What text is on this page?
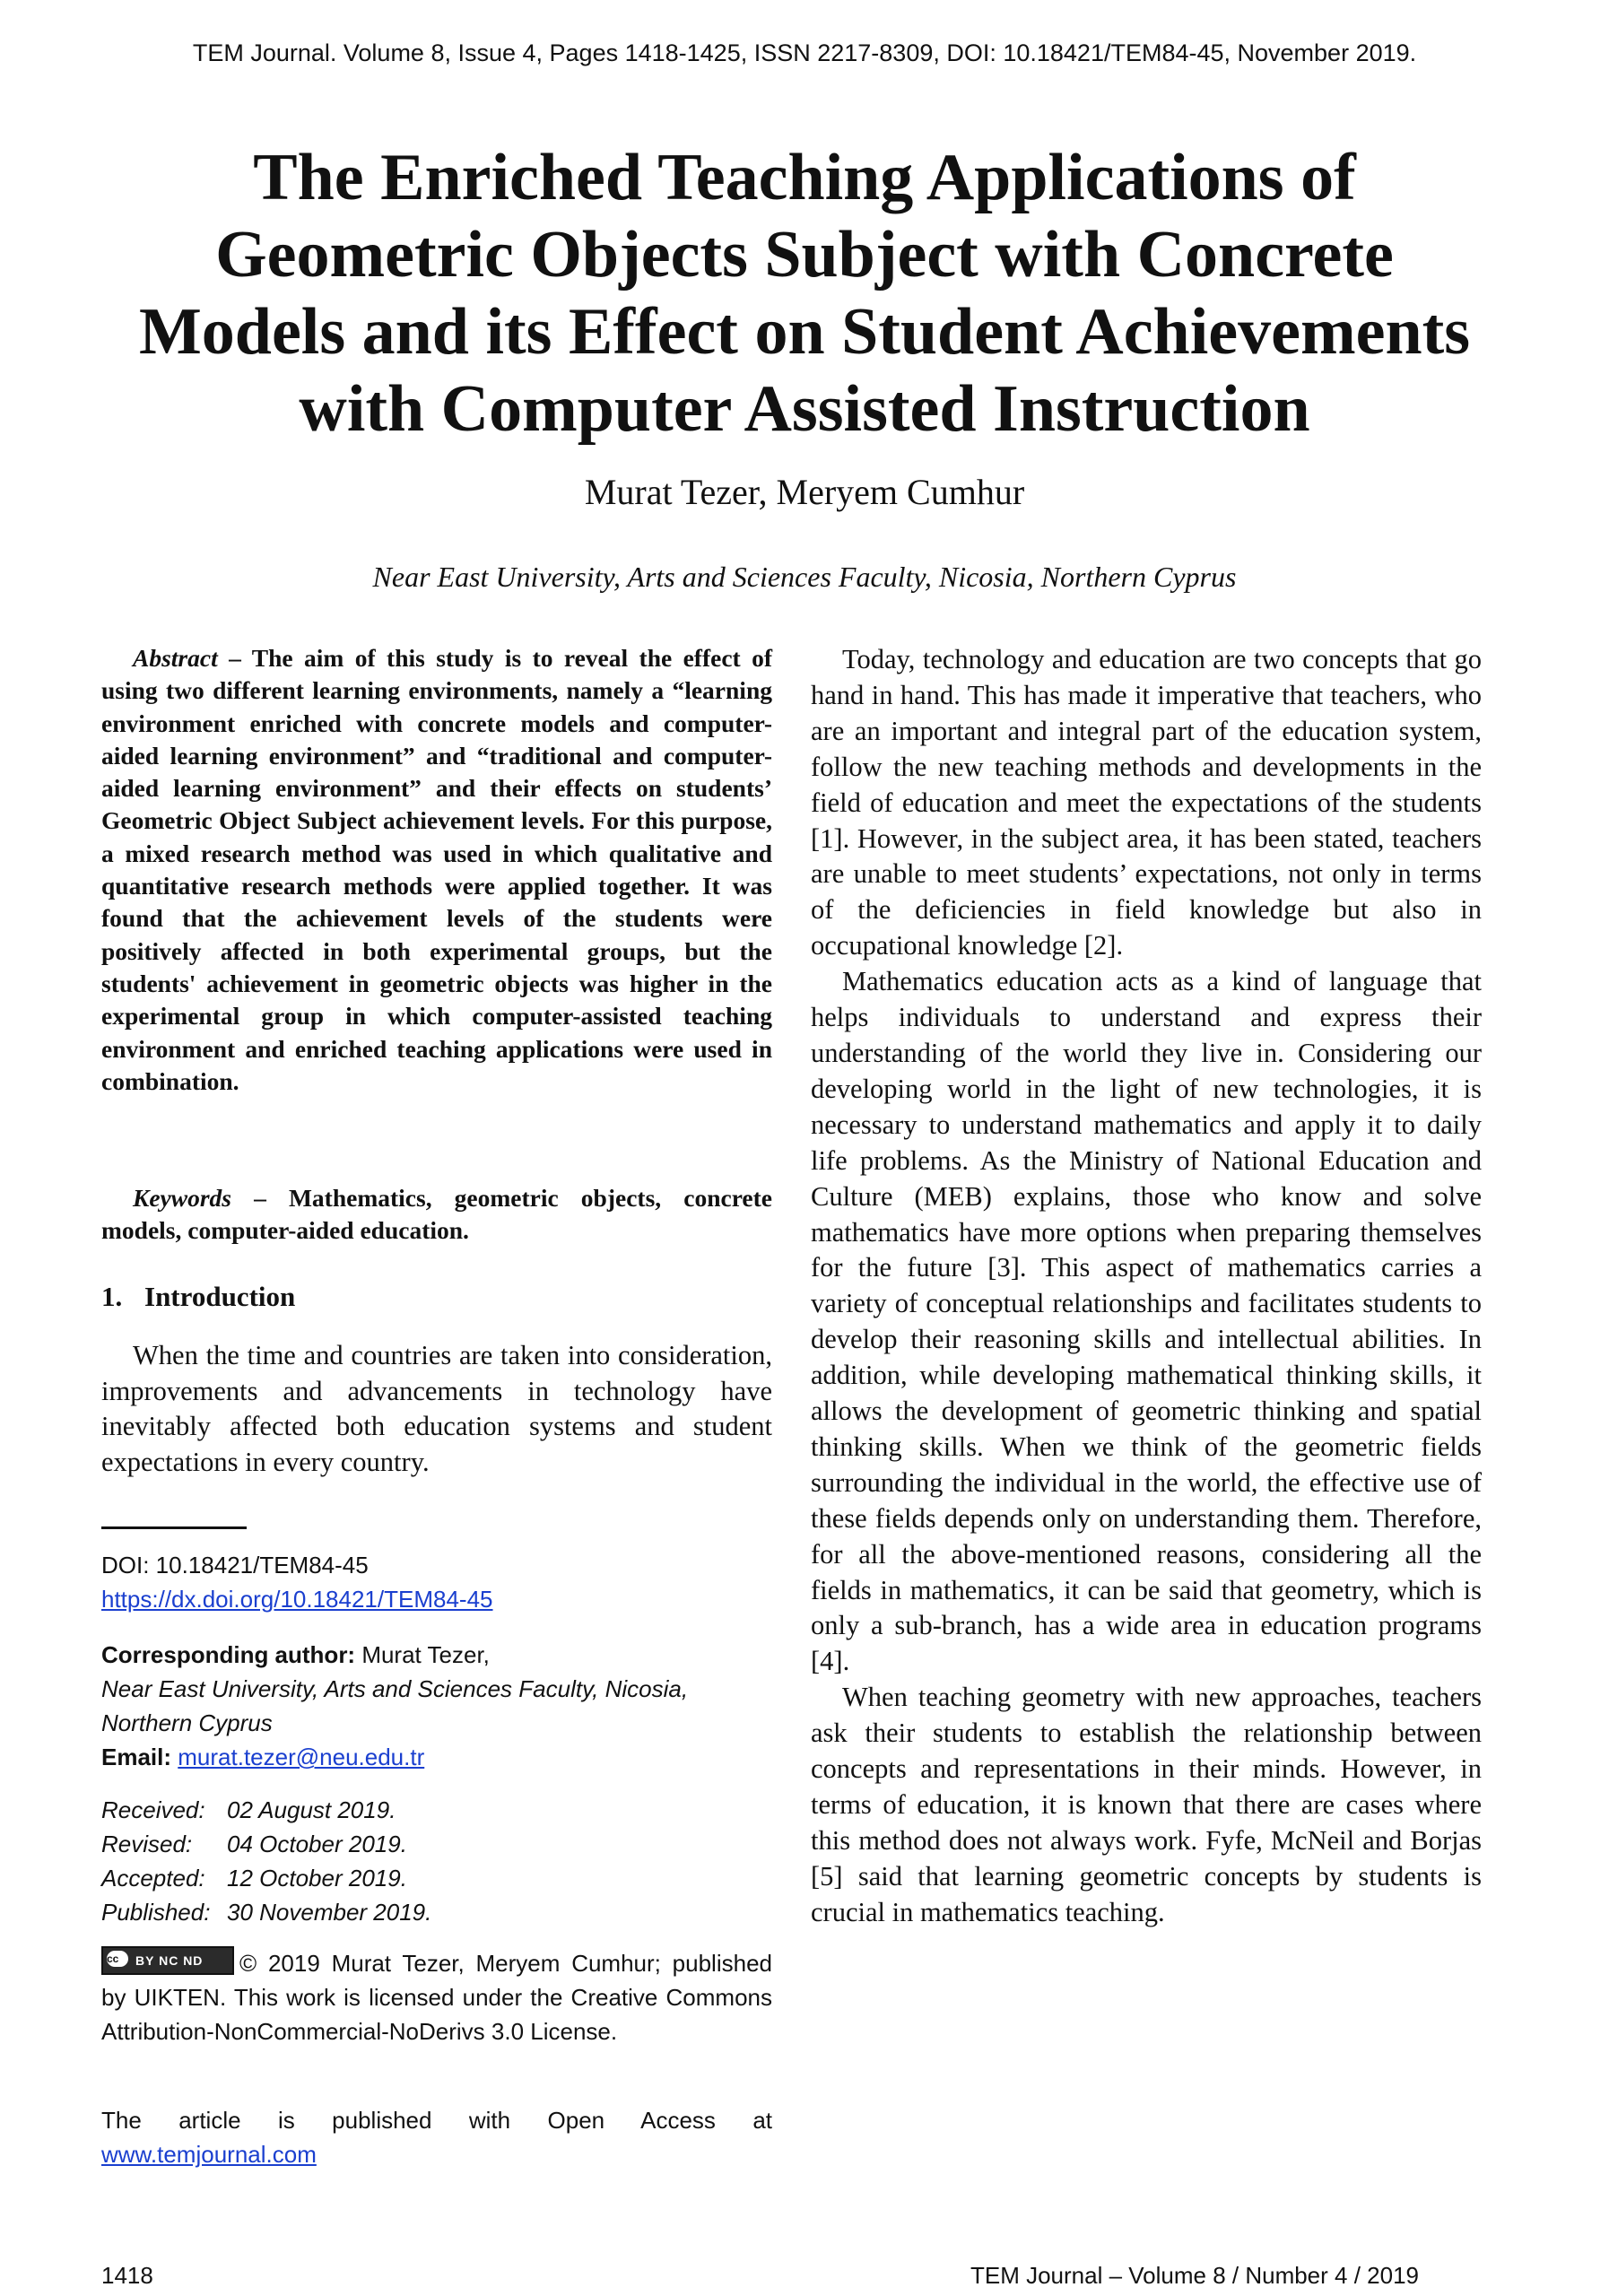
TEM Journal. Volume 8, Issue 4, Pages 1418-1425, ISSN 2217-8309, DOI: 10.18421/TEM84-45, November 2019.
The Enriched Teaching Applications of
Geometric Objects Subject with Concrete
Models and its Effect on Student Achievements
with Computer Assisted Instruction
Murat Tezer, Meryem Cumhur
Near East University, Arts and Sciences Faculty, Nicosia, Northern Cyprus

Abstract – The aim of this study is to reveal the effect of using two different learning environments, namely a “learning environment enriched with concrete models and computer-aided learning environment” and “traditional and computer-aided learning environment” and their effects on students’ Geometric Object Subject achievement levels. For this purpose, a mixed research method was used in which qualitative and quantitative research methods were applied together. It was found that the achievement levels of the students were positively affected in both experimental groups, but the students' achievement in geometric objects was higher in the experimental group in which computer-assisted teaching environment and enriched teaching applications were used in combination.

Keywords – Mathematics, geometric objects, concrete models, computer-aided education.

1. Introduction

When the time and countries are taken into consideration, improvements and advancements in technology have inevitably affected both education systems and student expectations in every country.

DOI: 10.18421/TEM84-45
https://dx.doi.org/10.18421/TEM84-45
Corresponding author: Murat Tezer,
Near East University, Arts and Sciences Faculty, Nicosia, Northern Cyprus
Email: murat.tezer@neu.edu.tr
Received: 02 August 2019.
Revised: 04 October 2019.
Accepted: 12 October 2019.
Published: 30 November 2019.
cc	BY NC ND © 2019 Murat Tezer, Meryem Cumhur; published by UIKTEN. This work is licensed under the Creative Commons Attribution-NonCommercial-NoDerivs 3.0 License.
The article is published with Open Access at www.temjournal.com

Today, technology and education are two concepts that go hand in hand. This has made it imperative that teachers, who are an important and integral part of the education system, follow the new teaching methods and developments in the field of education and meet the expectations of the students [1]. However, in the subject area, it has been stated, teachers are unable to meet students’ expectations, not only in terms of the deficiencies in field knowledge but also in occupational knowledge [2].

Mathematics education acts as a kind of language that helps individuals to understand and express their understanding of the world they live in. Considering our developing world in the light of new technologies, it is necessary to understand mathematics and apply it to daily life problems. As the Ministry of National Education and Culture (MEB) explains, those who know and solve mathematics have more options when preparing themselves for the future [3]. This aspect of mathematics carries a variety of conceptual relationships and facilitates students to develop their reasoning skills and intellectual abilities. In addition, while developing mathematical thinking skills, it allows the development of geometric thinking and spatial thinking skills. When we think of the geometric fields surrounding the individual in the world, the effective use of these fields depends only on understanding them. Therefore, for all the above-mentioned reasons, considering all the fields in mathematics, it can be said that geometry, which is only a sub-branch, has a wide area in education programs [4].

When teaching geometry with new approaches, teachers ask their students to establish the relationship between concepts and representations in their minds. However, in terms of education, it is known that there are cases where this method does not always work. Fyfe, McNeil and Borjas [5] said that learning geometric concepts by students is crucial in mathematics teaching.

1418	TEM Journal – Volume 8 / Number 4 / 2019
